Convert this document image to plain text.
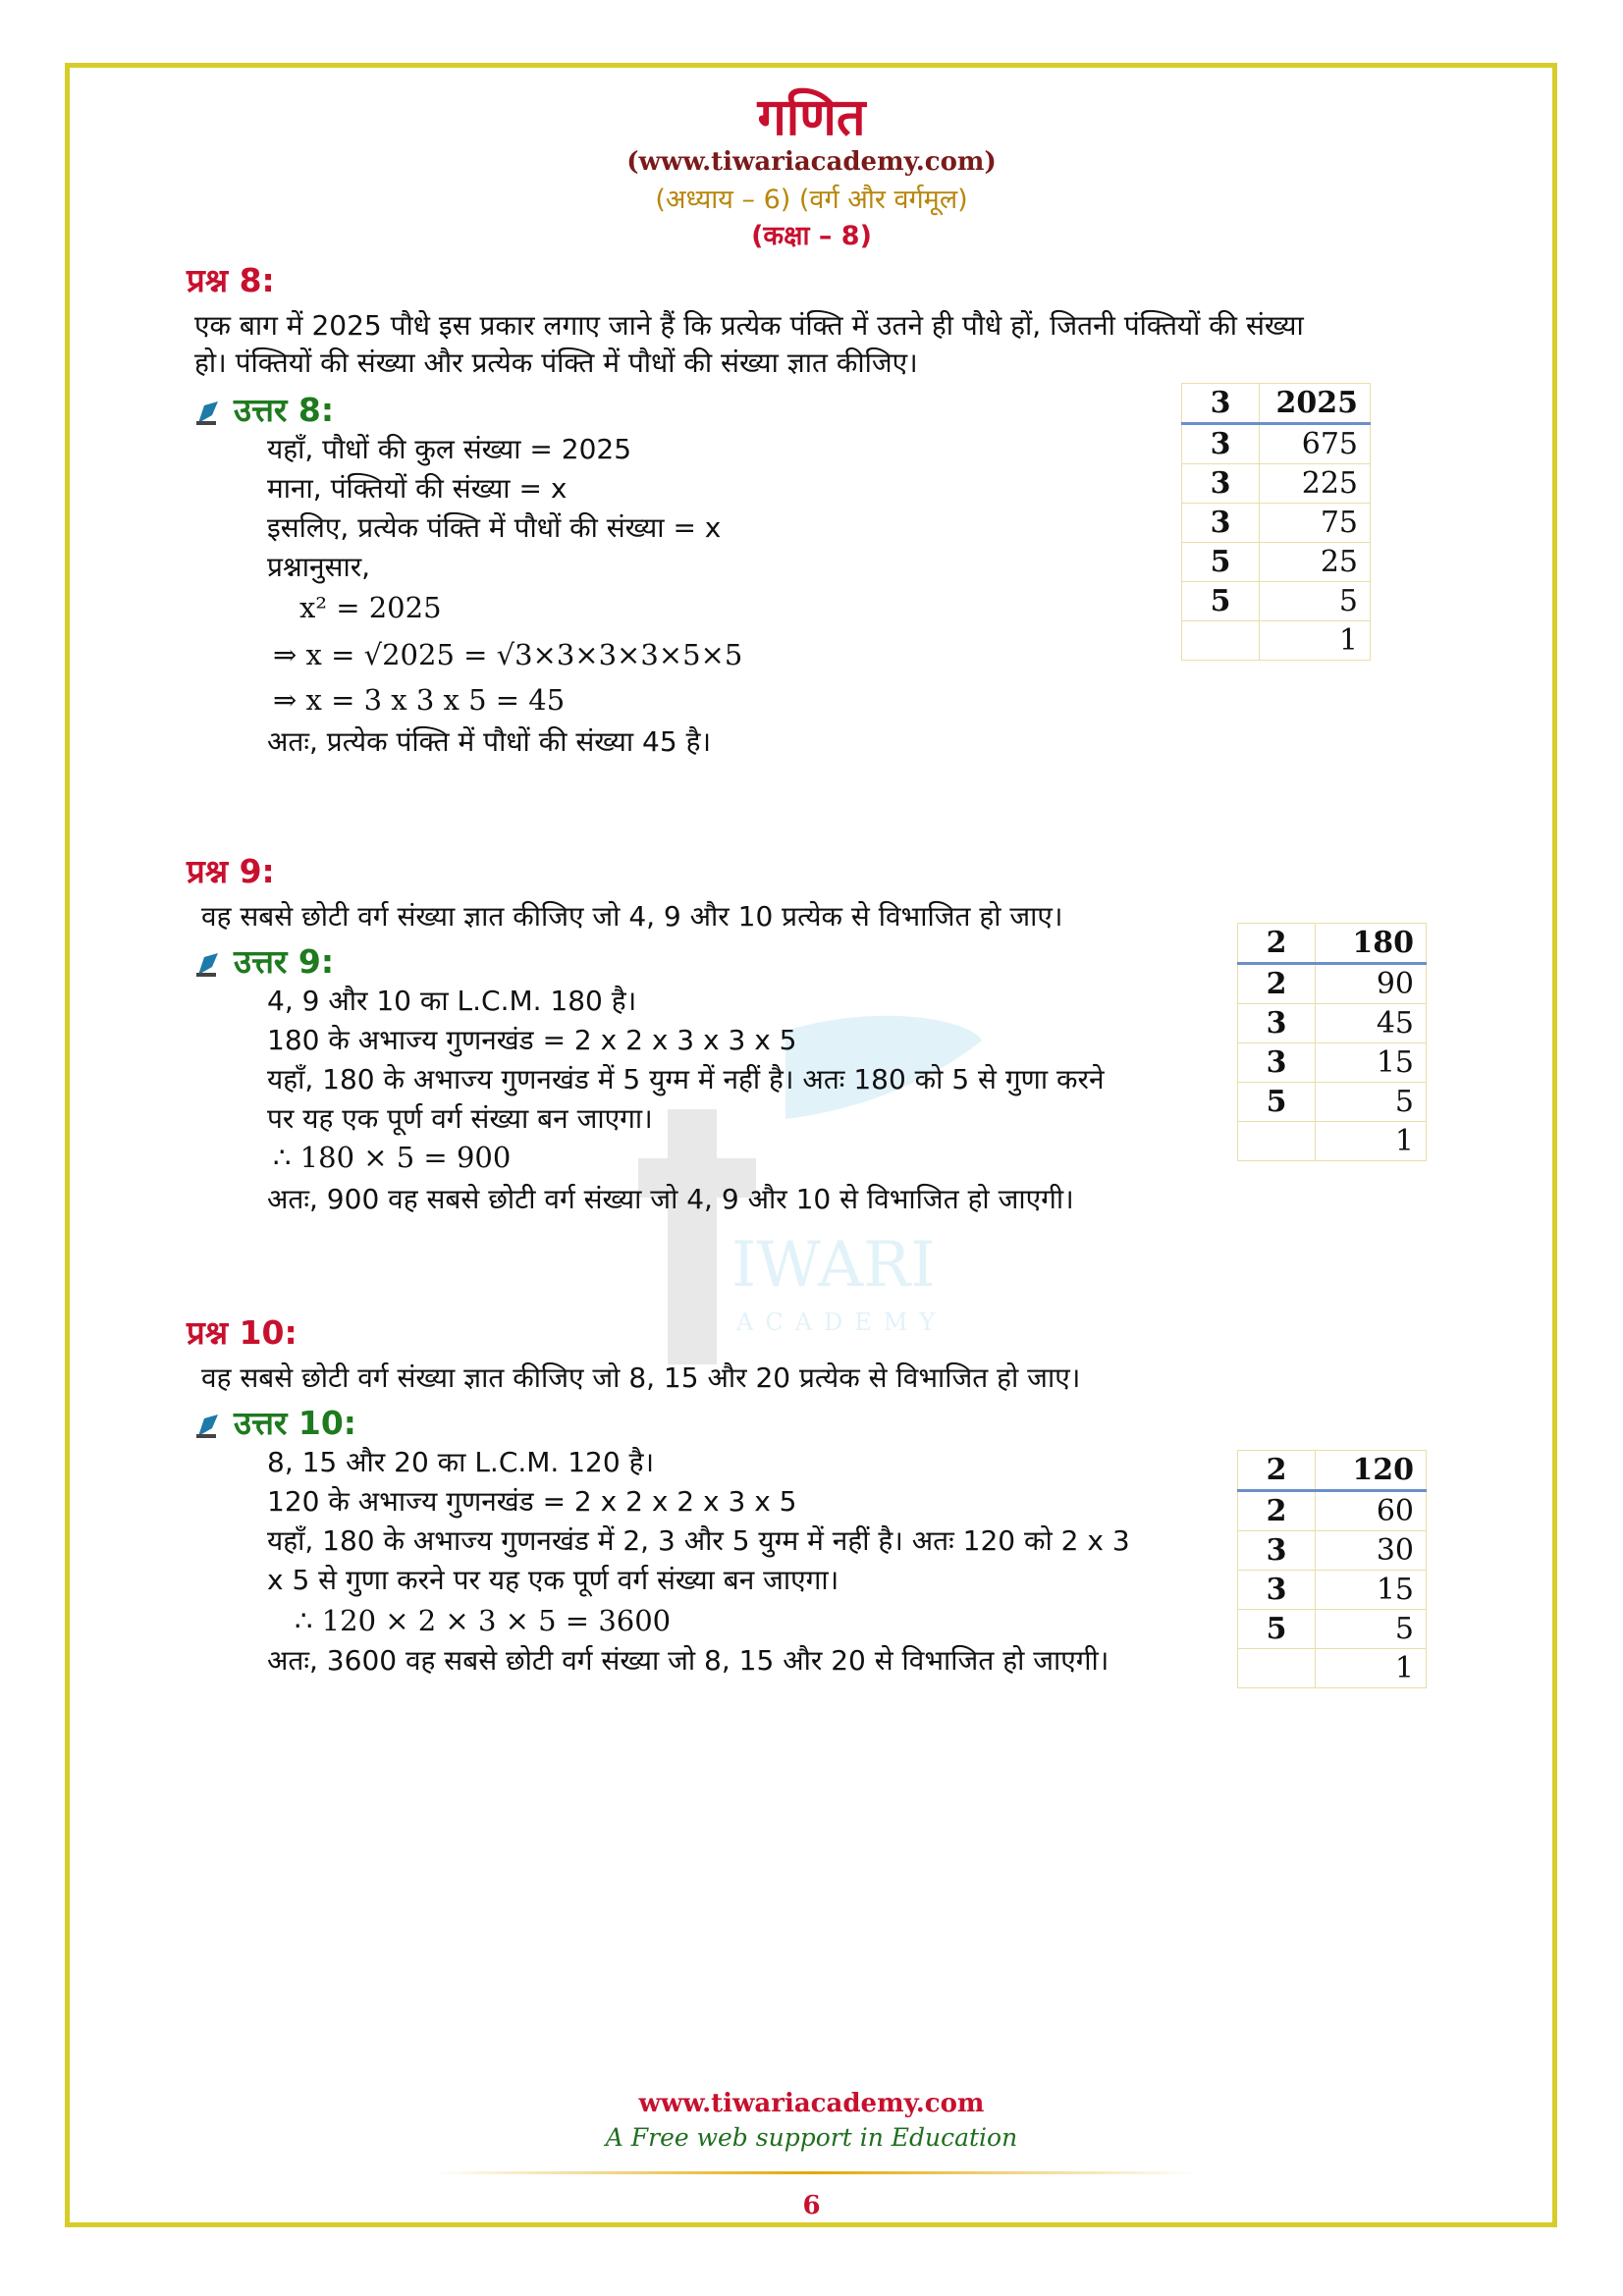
IWARI
ACADEMY
गणित
(www.tiwariacademy.com)
(अध्याय – 6) (वर्ग और वर्गमूल)
(कक्षा – 8)
प्रश्न 8:
एक बाग में 2025 पौधे इस प्रकार लगाए जाने हैं कि प्रत्येक पंक्ति में उतने ही पौधे हों, जितनी पंक्तियों की संख्या
हो। पंक्तियों की संख्या और प्रत्येक पंक्ति में पौधों की संख्या ज्ञात कीजिए।
उत्तर 8:
यहाँ, पौधों की कुल संख्या = 2025
माना, पंक्तियों की संख्या = x
इसलिए, प्रत्येक पंक्ति में पौधों की संख्या = x
प्रश्नानुसार,
x² = 2025
⇒ x = √2025 = √3×3×3×3×5×5
⇒ x = 3 x 3 x 5 = 45
अतः, प्रत्येक पंक्ति में पौधों की संख्या 45 है।
3	2025
3	675
3	225
3	75
5	25
5	5
	1
प्रश्न 9:
वह सबसे छोटी वर्ग संख्या ज्ञात कीजिए जो 4, 9 और 10 प्रत्येक से विभाजित हो जाए।
उत्तर 9:
4, 9 और 10 का L.C.M. 180 है।
180 के अभाज्य गुणनखंड = 2 x 2 x 3 x 3 x 5
यहाँ, 180 के अभाज्य गुणनखंड में 5 युग्म में नहीं है। अतः 180 को 5 से गुणा करने
पर यह एक पूर्ण वर्ग संख्या बन जाएगा।
∴ 180 × 5 = 900
अतः, 900 वह सबसे छोटी वर्ग संख्या जो 4, 9 और 10 से विभाजित हो जाएगी।
2	180
2	90
3	45
3	15
5	5
	1
प्रश्न 10:
वह सबसे छोटी वर्ग संख्या ज्ञात कीजिए जो 8, 15 और 20 प्रत्येक से विभाजित हो जाए।
उत्तर 10:
8, 15 और 20 का L.C.M. 120 है।
120 के अभाज्य गुणनखंड = 2 x 2 x 2 x 3 x 5
यहाँ, 180 के अभाज्य गुणनखंड में 2, 3 और 5 युग्म में नहीं है। अतः 120 को 2 x 3
x 5 से गुणा करने पर यह एक पूर्ण वर्ग संख्या बन जाएगा।
∴ 120 × 2 × 3 × 5 = 3600
अतः, 3600 वह सबसे छोटी वर्ग संख्या जो 8, 15 और 20 से विभाजित हो जाएगी।
2	120
2	60
3	30
3	15
5	5
	1
www.tiwariacademy.com
A Free web support in Education
6
